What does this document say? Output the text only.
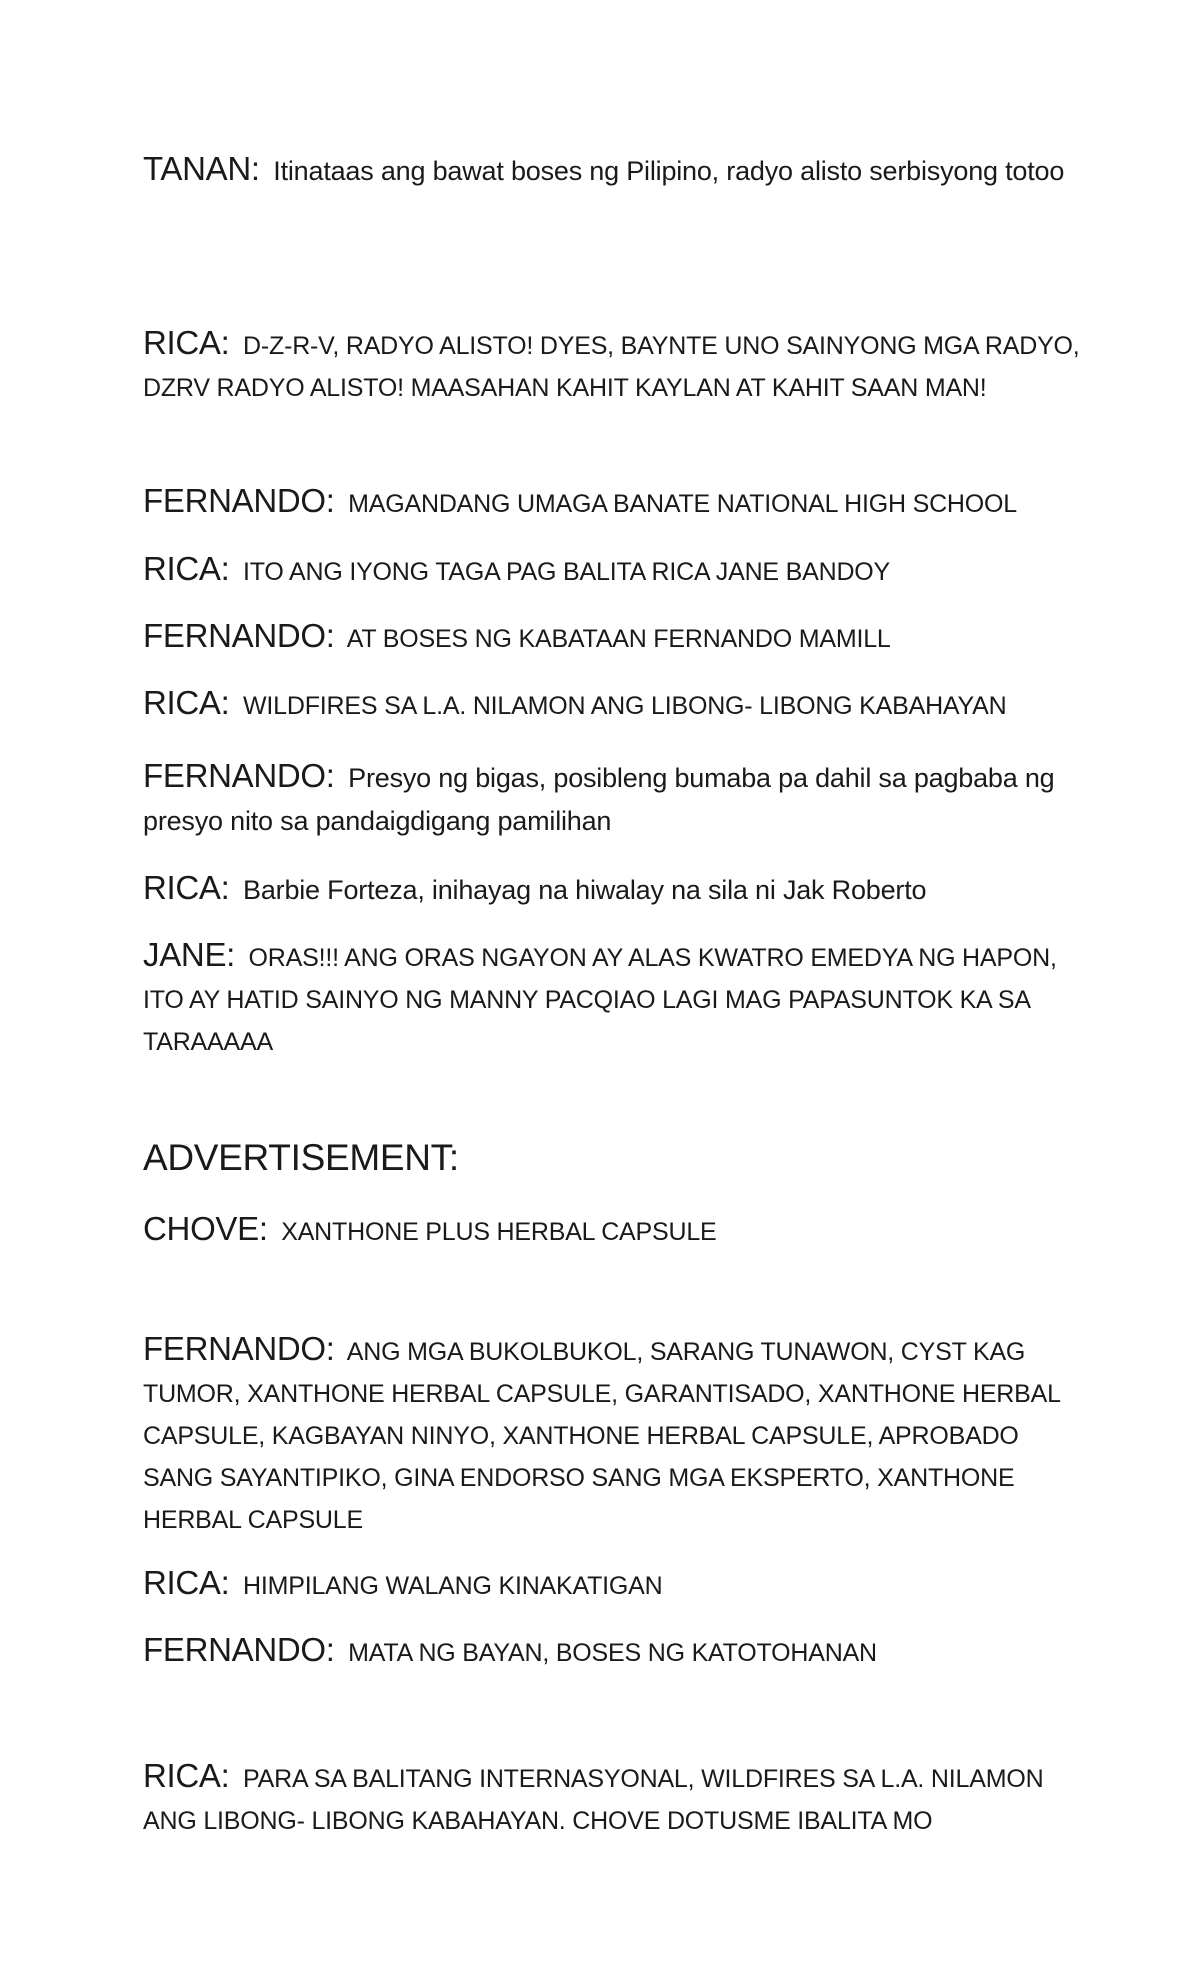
TANAN: Itinataas ang bawat boses ng Pilipino, radyo alisto serbisyong totoo

RICA: D-Z-R-V, RADYO ALISTO! DYES, BAYNTE UNO SAINYONG MGA RADYO, DZRV RADYO ALISTO! MAASAHAN KAHIT KAYLAN AT KAHIT SAAN MAN!

FERNANDO: MAGANDANG UMAGA BANATE NATIONAL HIGH SCHOOL

RICA: ITO ANG IYONG TAGA PAG BALITA RICA JANE BANDOY

FERNANDO: AT BOSES NG KABATAAN FERNANDO MAMILL

RICA: WILDFIRES SA L.A. NILAMON ANG LIBONG- LIBONG KABAHAYAN

FERNANDO: Presyo ng bigas, posibleng bumaba pa dahil sa pagbaba ng presyo nito sa pandaigdigang pamilihan

RICA: Barbie Forteza, inihayag na hiwalay na sila ni Jak Roberto

JANE: ORAS!!! ANG ORAS NGAYON AY ALAS KWATRO EMEDYA NG HAPON, ITO AY HATID SAINYO NG MANNY PACQIAO LAGI MAG PAPASUNTOK KA SA TARAAAAA

ADVERTISEMENT:

CHOVE: XANTHONE PLUS HERBAL CAPSULE

FERNANDO: ANG MGA BUKOLBUKOL, SARANG TUNAWON, CYST KAG TUMOR, XANTHONE HERBAL CAPSULE, GARANTISADO, XANTHONE HERBAL CAPSULE, KAGBAYAN NINYO, XANTHONE HERBAL CAPSULE, APROBADO SANG SAYANTIPIKO, GINA ENDORSO SANG MGA EKSPERTO, XANTHONE HERBAL CAPSULE

RICA: HIMPILANG WALANG KINAKATIGAN

FERNANDO: MATA NG BAYAN, BOSES NG KATOTOHANAN

RICA: PARA SA BALITANG INTERNASYONAL, WILDFIRES SA L.A. NILAMON ANG LIBONG- LIBONG KABAHAYAN. CHOVE DOTUSME IBALITA MO
